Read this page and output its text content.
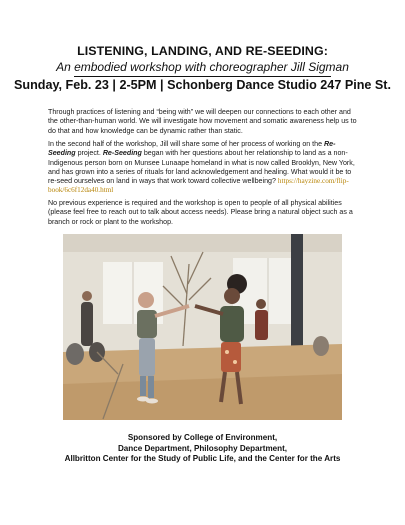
LISTENING, LANDING, AND RE-SEEDING:
An embodied workshop with choreographer Jill Sigman
Sunday, Feb. 23 | 2-5PM | Schonberg Dance Studio 247 Pine St.
Through practices of listening and “being with” we will deepen our connections to each other and the other-than-human world. We will investigate how movement and somatic awareness help us to do that and how knowledge can be dynamic rather than static.
In the second half of the workshop, Jill will share some of her process of working on the Re-Seeding project. Re-Seeding began with her questions about her relationship to land as a non-Indigenous person born on Munsee Lunaape homeland in what is now called Brooklyn, New York, and has grown into a series of rituals for land acknowledgement and healing. What would it be to re-seed ourselves on land in ways that work toward collective wellbeing? https://hayzine.com/flip-book/6c6f12da40.html
No previous experience is required and the workshop is open to people of all physical abilities (please feel free to reach out to talk about access needs). Please bring a natural object such as a branch or rock or plant to the workshop.
Sponsored by College of Environment,
Dance Department, Philosophy Department,
Allbritton Center for the Study of Public Life, and the Center for the Arts
